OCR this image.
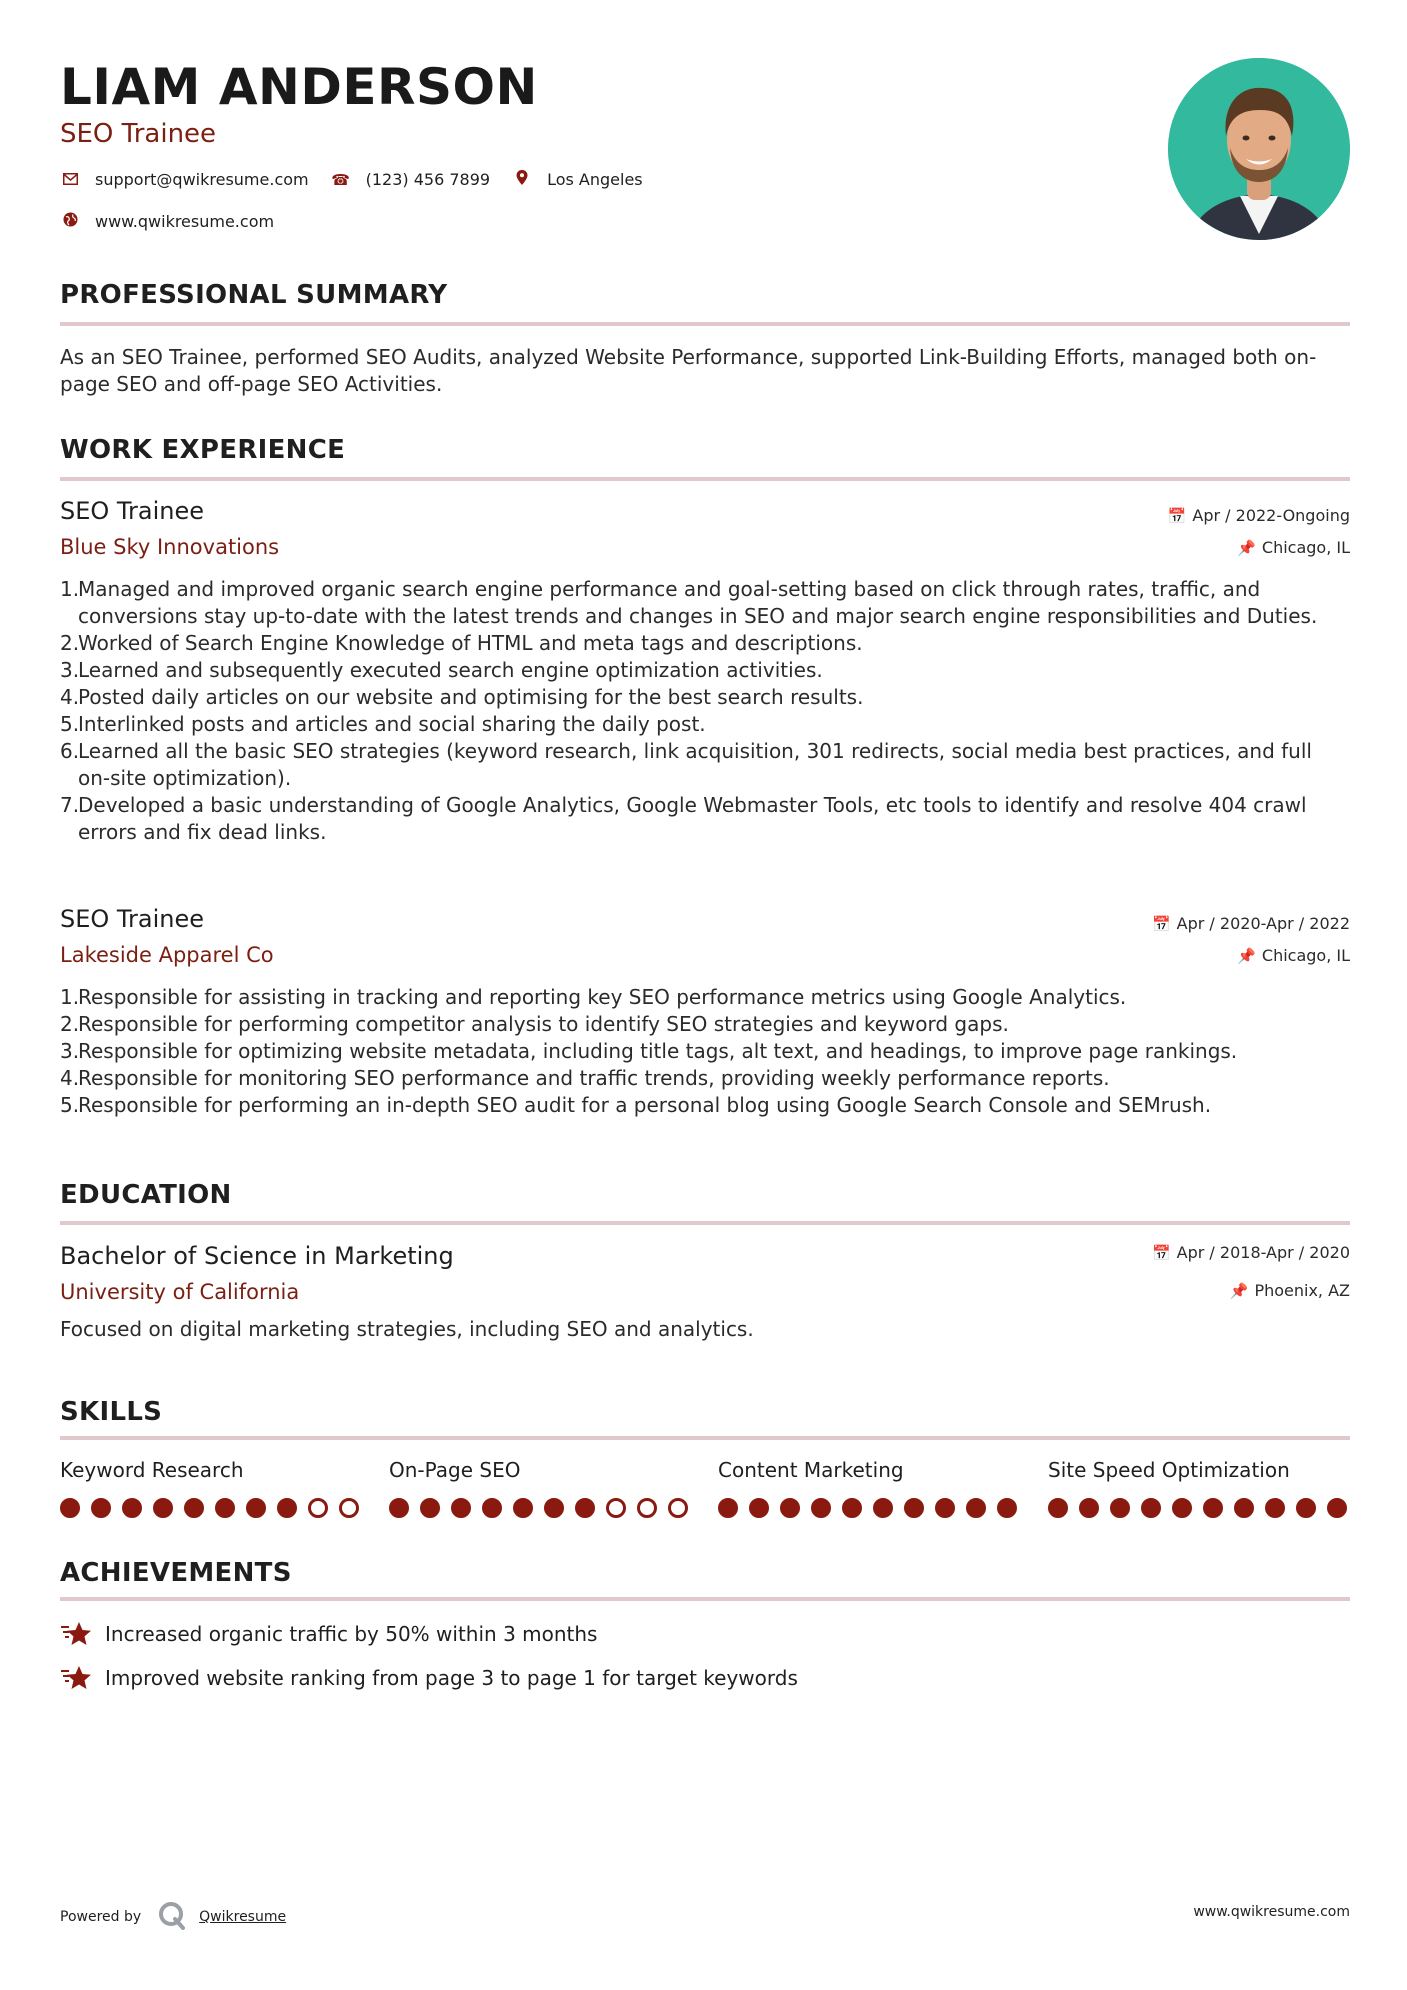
LIAM ANDERSON
SEO Trainee
support@qwikresume.com ☎ (123) 456 7899	Los Angeles
www.qwikresume.com
PROFESSIONAL SUMMARY
As an SEO Trainee, performed SEO Audits, analyzed Website Performance, supported Link-Building Efforts, managed both on-page SEO and off-page SEO Activities.
WORK EXPERIENCE
SEO Trainee
Blue Sky Innovations
📅 Apr / 2022-Ongoing
📌 Chicago, IL
Managed and improved organic search engine performance and goal-setting based on click through rates, traffic, and conversions stay up-to-date with the latest trends and changes in SEO and major search engine responsibilities and Duties.
Worked of Search Engine Knowledge of HTML and meta tags and descriptions.
Learned and subsequently executed search engine optimization activities.
Posted daily articles on our website and optimising for the best search results.
Interlinked posts and articles and social sharing the daily post.
Learned all the basic SEO strategies (keyword research, link acquisition, 301 redirects, social media best practices, and full on-site optimization).
Developed a basic understanding of Google Analytics, Google Webmaster Tools, etc tools to identify and resolve 404 crawl errors and fix dead links.
SEO Trainee
Lakeside Apparel Co
📅 Apr / 2020-Apr / 2022
📌 Chicago, IL
Responsible for assisting in tracking and reporting key SEO performance metrics using Google Analytics.
Responsible for performing competitor analysis to identify SEO strategies and keyword gaps.
Responsible for optimizing website metadata, including title tags, alt text, and headings, to improve page rankings.
Responsible for monitoring SEO performance and traffic trends, providing weekly performance reports.
Responsible for performing an in-depth SEO audit for a personal blog using Google Search Console and SEMrush.
EDUCATION
Bachelor of Science in Marketing
University of California
📅 Apr / 2018-Apr / 2020
📌 Phoenix, AZ
Focused on digital marketing strategies, including SEO and analytics.
SKILLS
Keyword Research	On-Page SEO	Content Marketing	Site Speed Optimization
ACHIEVEMENTS
Increased organic traffic by 50% within 3 months
Improved website ranking from page 3 to page 1 for target keywords
Powered by	Qwikresume	www.qwikresume.com
